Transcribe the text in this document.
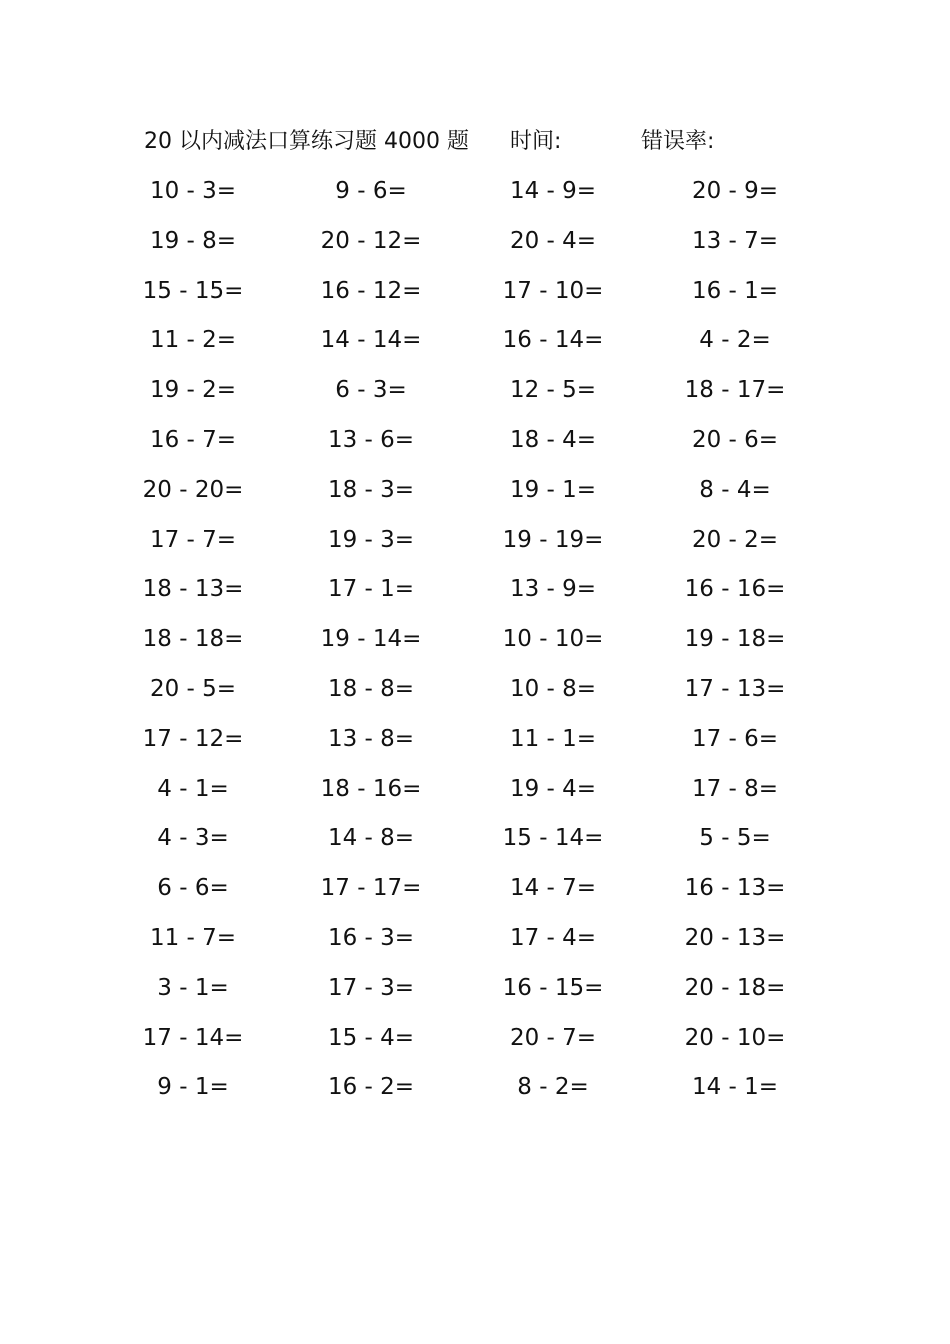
20 以内减法口算练习题 4000 题 时间:	错误率:
10 - 3=	9 - 6=	14 - 9=	20 - 9=
19 - 8=	20 - 12=	20 - 4=	13 - 7=
15 - 15=	16 - 12=	17 - 10=	16 - 1=
11 - 2=	14 - 14=	16 - 14=	4 - 2=
19 - 2=	6 - 3=	12 - 5=	18 - 17=
16 - 7=	13 - 6=	18 - 4=	20 - 6=
20 - 20=	18 - 3=	19 - 1=	8 - 4=
17 - 7=	19 - 3=	19 - 19=	20 - 2=
18 - 13=	17 - 1=	13 - 9=	16 - 16=
18 - 18=	19 - 14=	10 - 10=	19 - 18=
20 - 5=	18 - 8=	10 - 8=	17 - 13=
17 - 12=	13 - 8=	11 - 1=	17 - 6=
4 - 1=	18 - 16=	19 - 4=	17 - 8=
4 - 3=	14 - 8=	15 - 14=	5 - 5=
6 - 6=	17 - 17=	14 - 7=	16 - 13=
11 - 7=	16 - 3=	17 - 4=	20 - 13=
3 - 1=	17 - 3=	16 - 15=	20 - 18=
17 - 14=	15 - 4=	20 - 7=	20 - 10=
9 - 1=	16 - 2=	8 - 2=	14 - 1=
